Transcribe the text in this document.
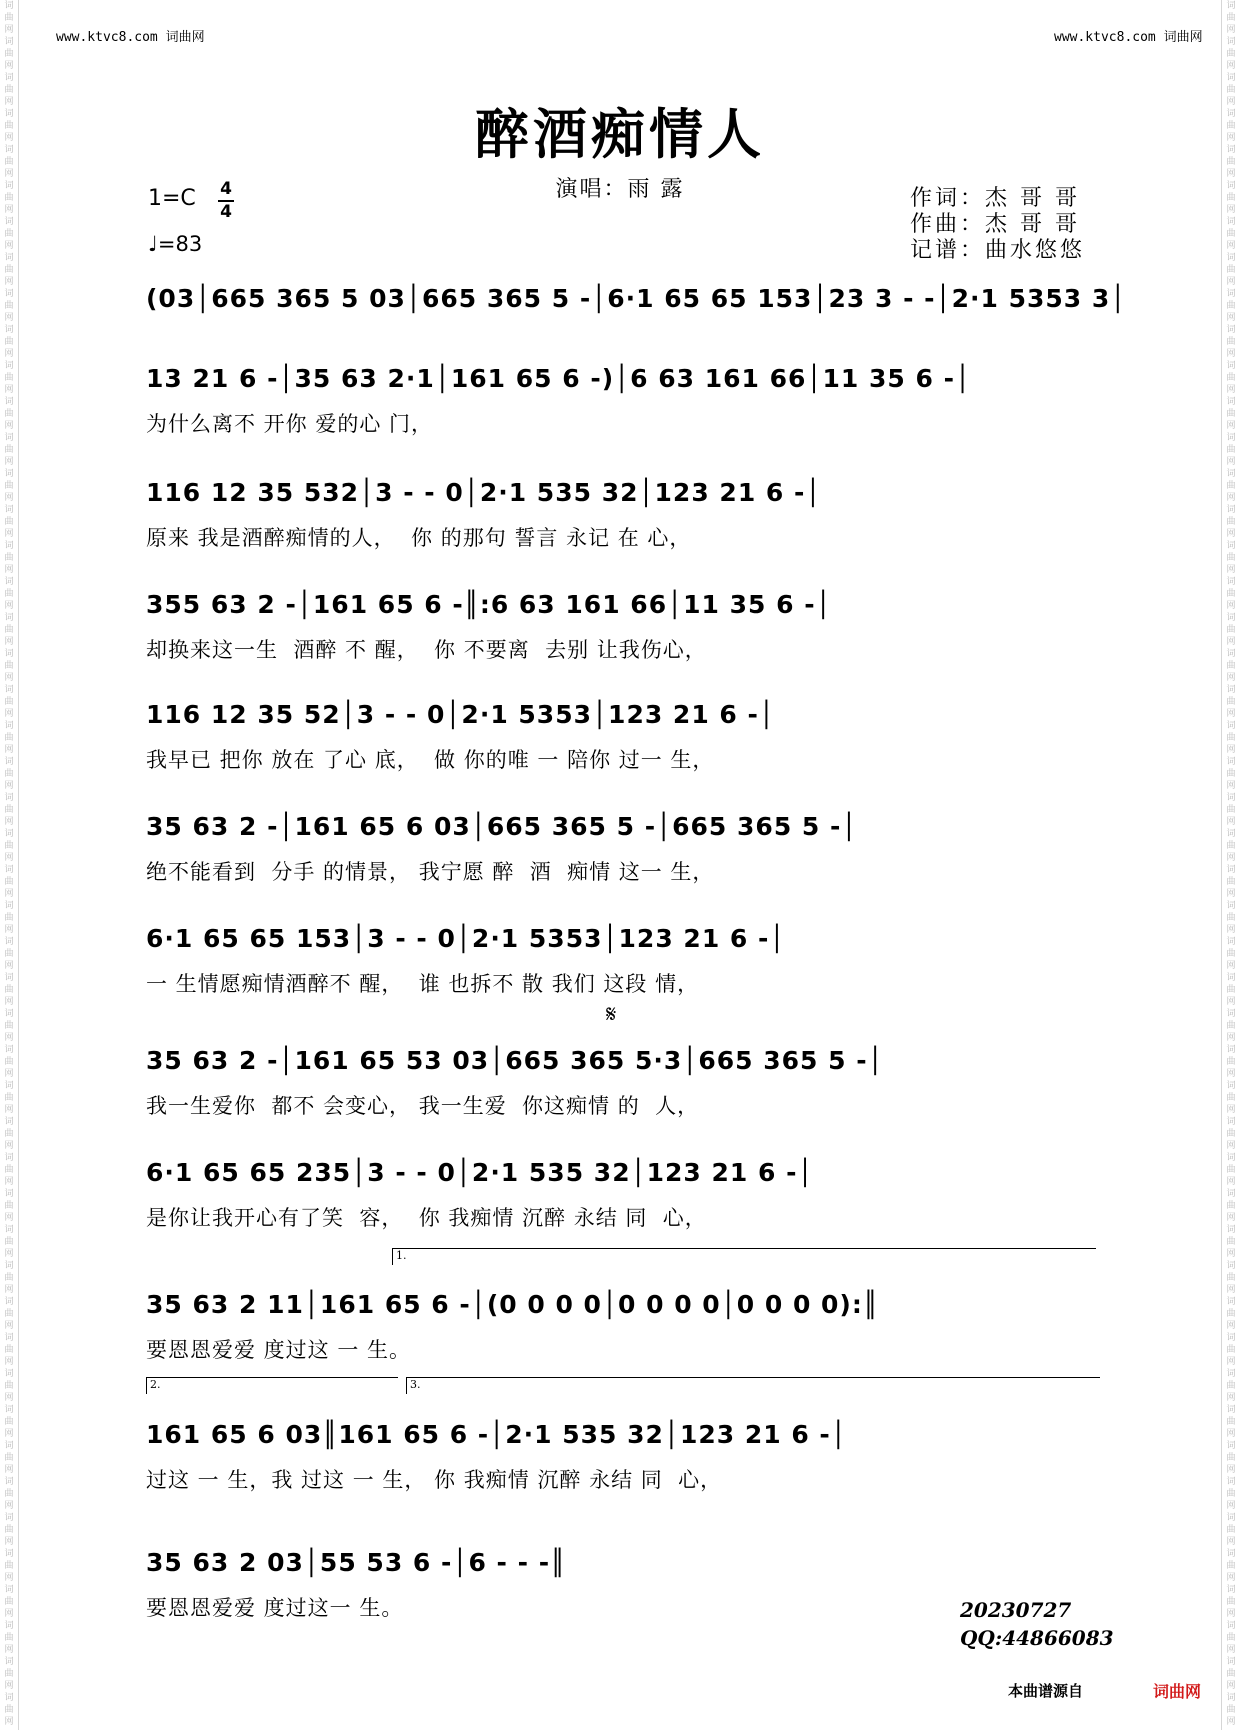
词曲网 词曲网 词曲网 词曲网 词曲网 词曲网 词曲网 词曲网 词曲网 词曲网 词曲网 词曲网 词曲网 词曲网 词曲网 词曲网 词曲网 词曲网 词曲网 词曲网 词曲网 词曲网 词曲网 词曲网 词曲网 词曲网 词曲网 词曲网 词曲网 词曲网 词曲网 词曲网 词曲网 词曲网 词曲网 词曲网 词曲网 词曲网 词曲网 词曲网 词曲网 词曲网 词曲网 词曲网 词曲网 词曲网 词曲网 词曲网
词曲网 词曲网 词曲网 词曲网 词曲网 词曲网 词曲网 词曲网 词曲网 词曲网 词曲网 词曲网 词曲网 词曲网 词曲网 词曲网 词曲网 词曲网 词曲网 词曲网 词曲网 词曲网 词曲网 词曲网 词曲网 词曲网 词曲网 词曲网 词曲网 词曲网 词曲网 词曲网 词曲网 词曲网 词曲网 词曲网 词曲网 词曲网 词曲网 词曲网 词曲网 词曲网 词曲网 词曲网 词曲网 词曲网 词曲网 词曲网
www.ktvc8.com 词曲网	www.ktvc8.com 词曲网
醉酒痴情人
演唱：雨 露
1=C 4
4
♩=83
作词：杰 哥 哥
作曲：杰 哥 哥
记谱：曲水悠悠
(03│665 365 5 03│665 365 5 -│6·1 65 65 153│23 3 - -│2·1 5353 3│
13 21 6 -│35 63 2·1│161 65 6 -)│6 63 161 66│11 35 6 -│
为什么离不 开你 爱的心 门，
116 12 35 532│3 - - 0│2·1 535 32│123 21 6 -│
原来 我是酒醉痴情的人，  你 的那句 誓言 永记 在 心，
355 63 2 -│161 65 6 -║:6 63 161 66│11 35 6 -│
却换来这一生  酒醉 不 醒，  你 不要离  去别 让我伤心，
116 12 35 52│3 - - 0│2·1 5353│123 21 6 -│
我早已 把你 放在 了心 底，  做 你的唯 一 陪你 过一 生，
35 63 2 -│161 65 6 03│665 365 5 -│665 365 5 -│
绝不能看到  分手 的情景， 我宁愿 醉  酒  痴情 这一 生，
6·1 65 65 153│3 - - 0│2·1 5353│123 21 6 -│
一 生情愿痴情酒醉不 醒，  谁 也拆不 散 我们 这段 情，
35 63 2 -│161 65 53 03│665 365 5·3│665 365 5 -│
我一生爱你  都不 会变心， 我一生爱  你这痴情 的  人，
6·1 65 65 235│3 - - 0│2·1 535 32│123 21 6 -│
是你让我开心有了笑  容，  你 我痴情 沉醉 永结 同  心，
35 63 2 11│161 65 6 -│(0 0 0 0│0 0 0 0│0 0 0 0):║
要恩恩爱爱 度过这 一 生。
161 65 6 03║161 65 6 -│2·1 535 32│123 21 6 -│
过这 一 生，我 过这 一 生， 你 我痴情 沉醉 永结 同  心，
35 63 2 03│55 53 6 -│6 - - -║
要恩恩爱爱 度过这一 生。
𝄋
1.
2.	3.
20230727
QQ:44866083
本曲谱源自	词曲网
